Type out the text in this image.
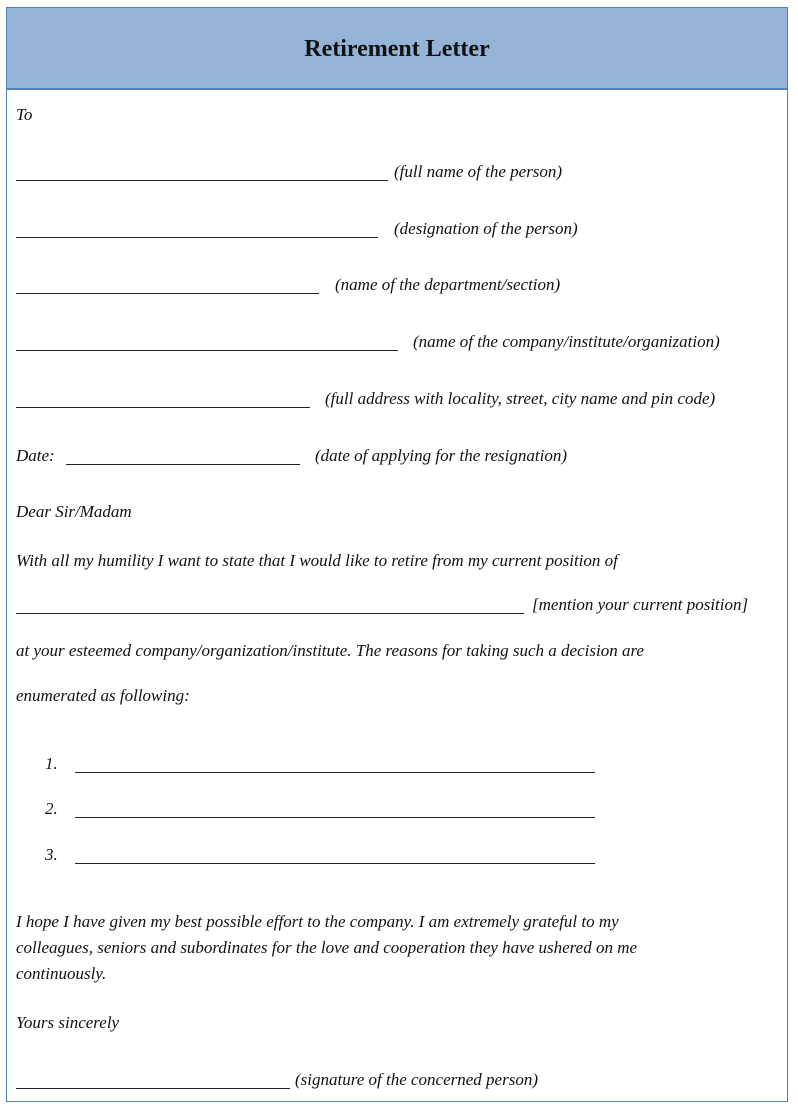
Retirement Letter
To
(full name of the person)
(designation of the person)
(name of the department/section)
(name of the company/institute/organization)
(full address with locality, street, city name and pin code)
Date:	(date of applying for the resignation)
Dear Sir/Madam
With all my humility I want to state that I would like to retire from my current position of
[mention your current position]
at your esteemed company/organization/institute. The reasons for taking such a decision are
enumerated as following:
1.
2.
3.
I hope I have given my best possible effort to the company. I am extremely grateful to my
colleagues, seniors and subordinates for the love and cooperation they have ushered on me
continuously.
Yours sincerely
(signature of the concerned person)
